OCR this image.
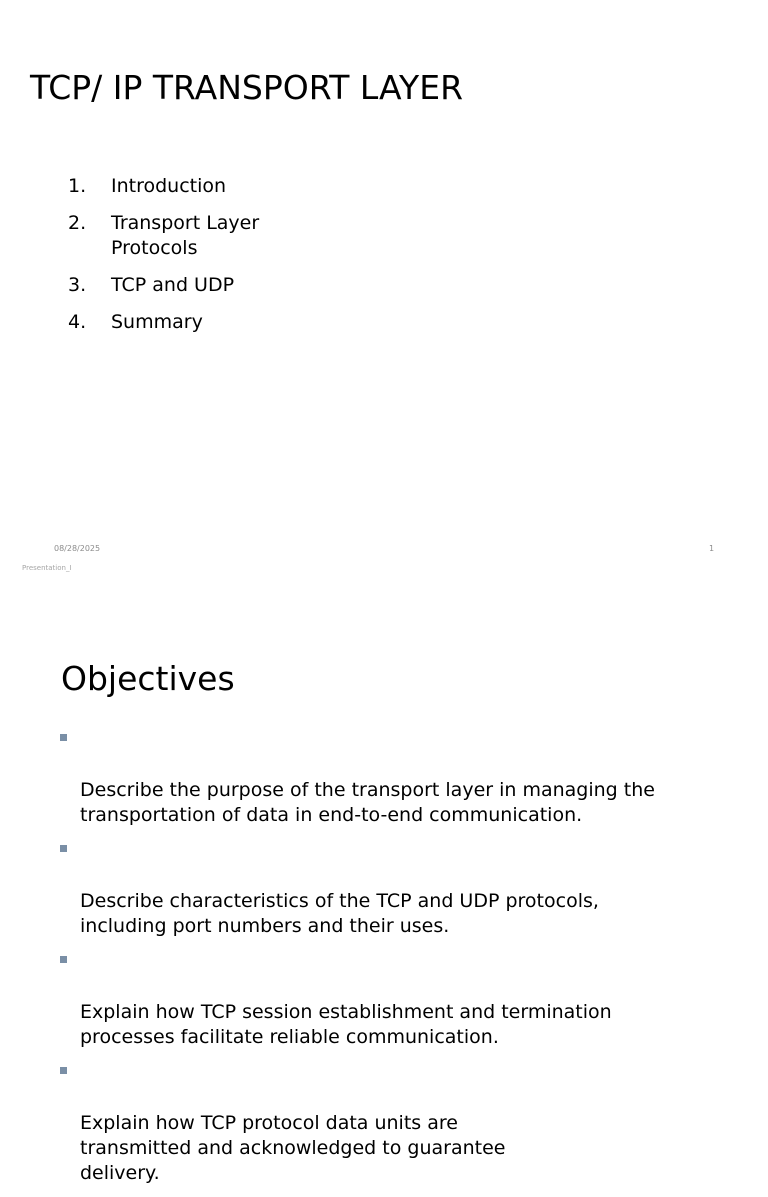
TCP/ IP TRANSPORT LAYER
1. Introduction
2. Transport Layer Protocols
3. TCP and UDP
4. Summary
08/28/2025	1
Presentation_I
Objectives

Describe the purpose of the transport layer in managing the
transportation of data in end-to-end communication.

Describe characteristics of the TCP and UDP protocols,
including port numbers and their uses.

Explain how TCP session establishment and termination
processes facilitate reliable communication.

Explain how TCP protocol data units are
transmitted and acknowledged to guarantee
delivery.
